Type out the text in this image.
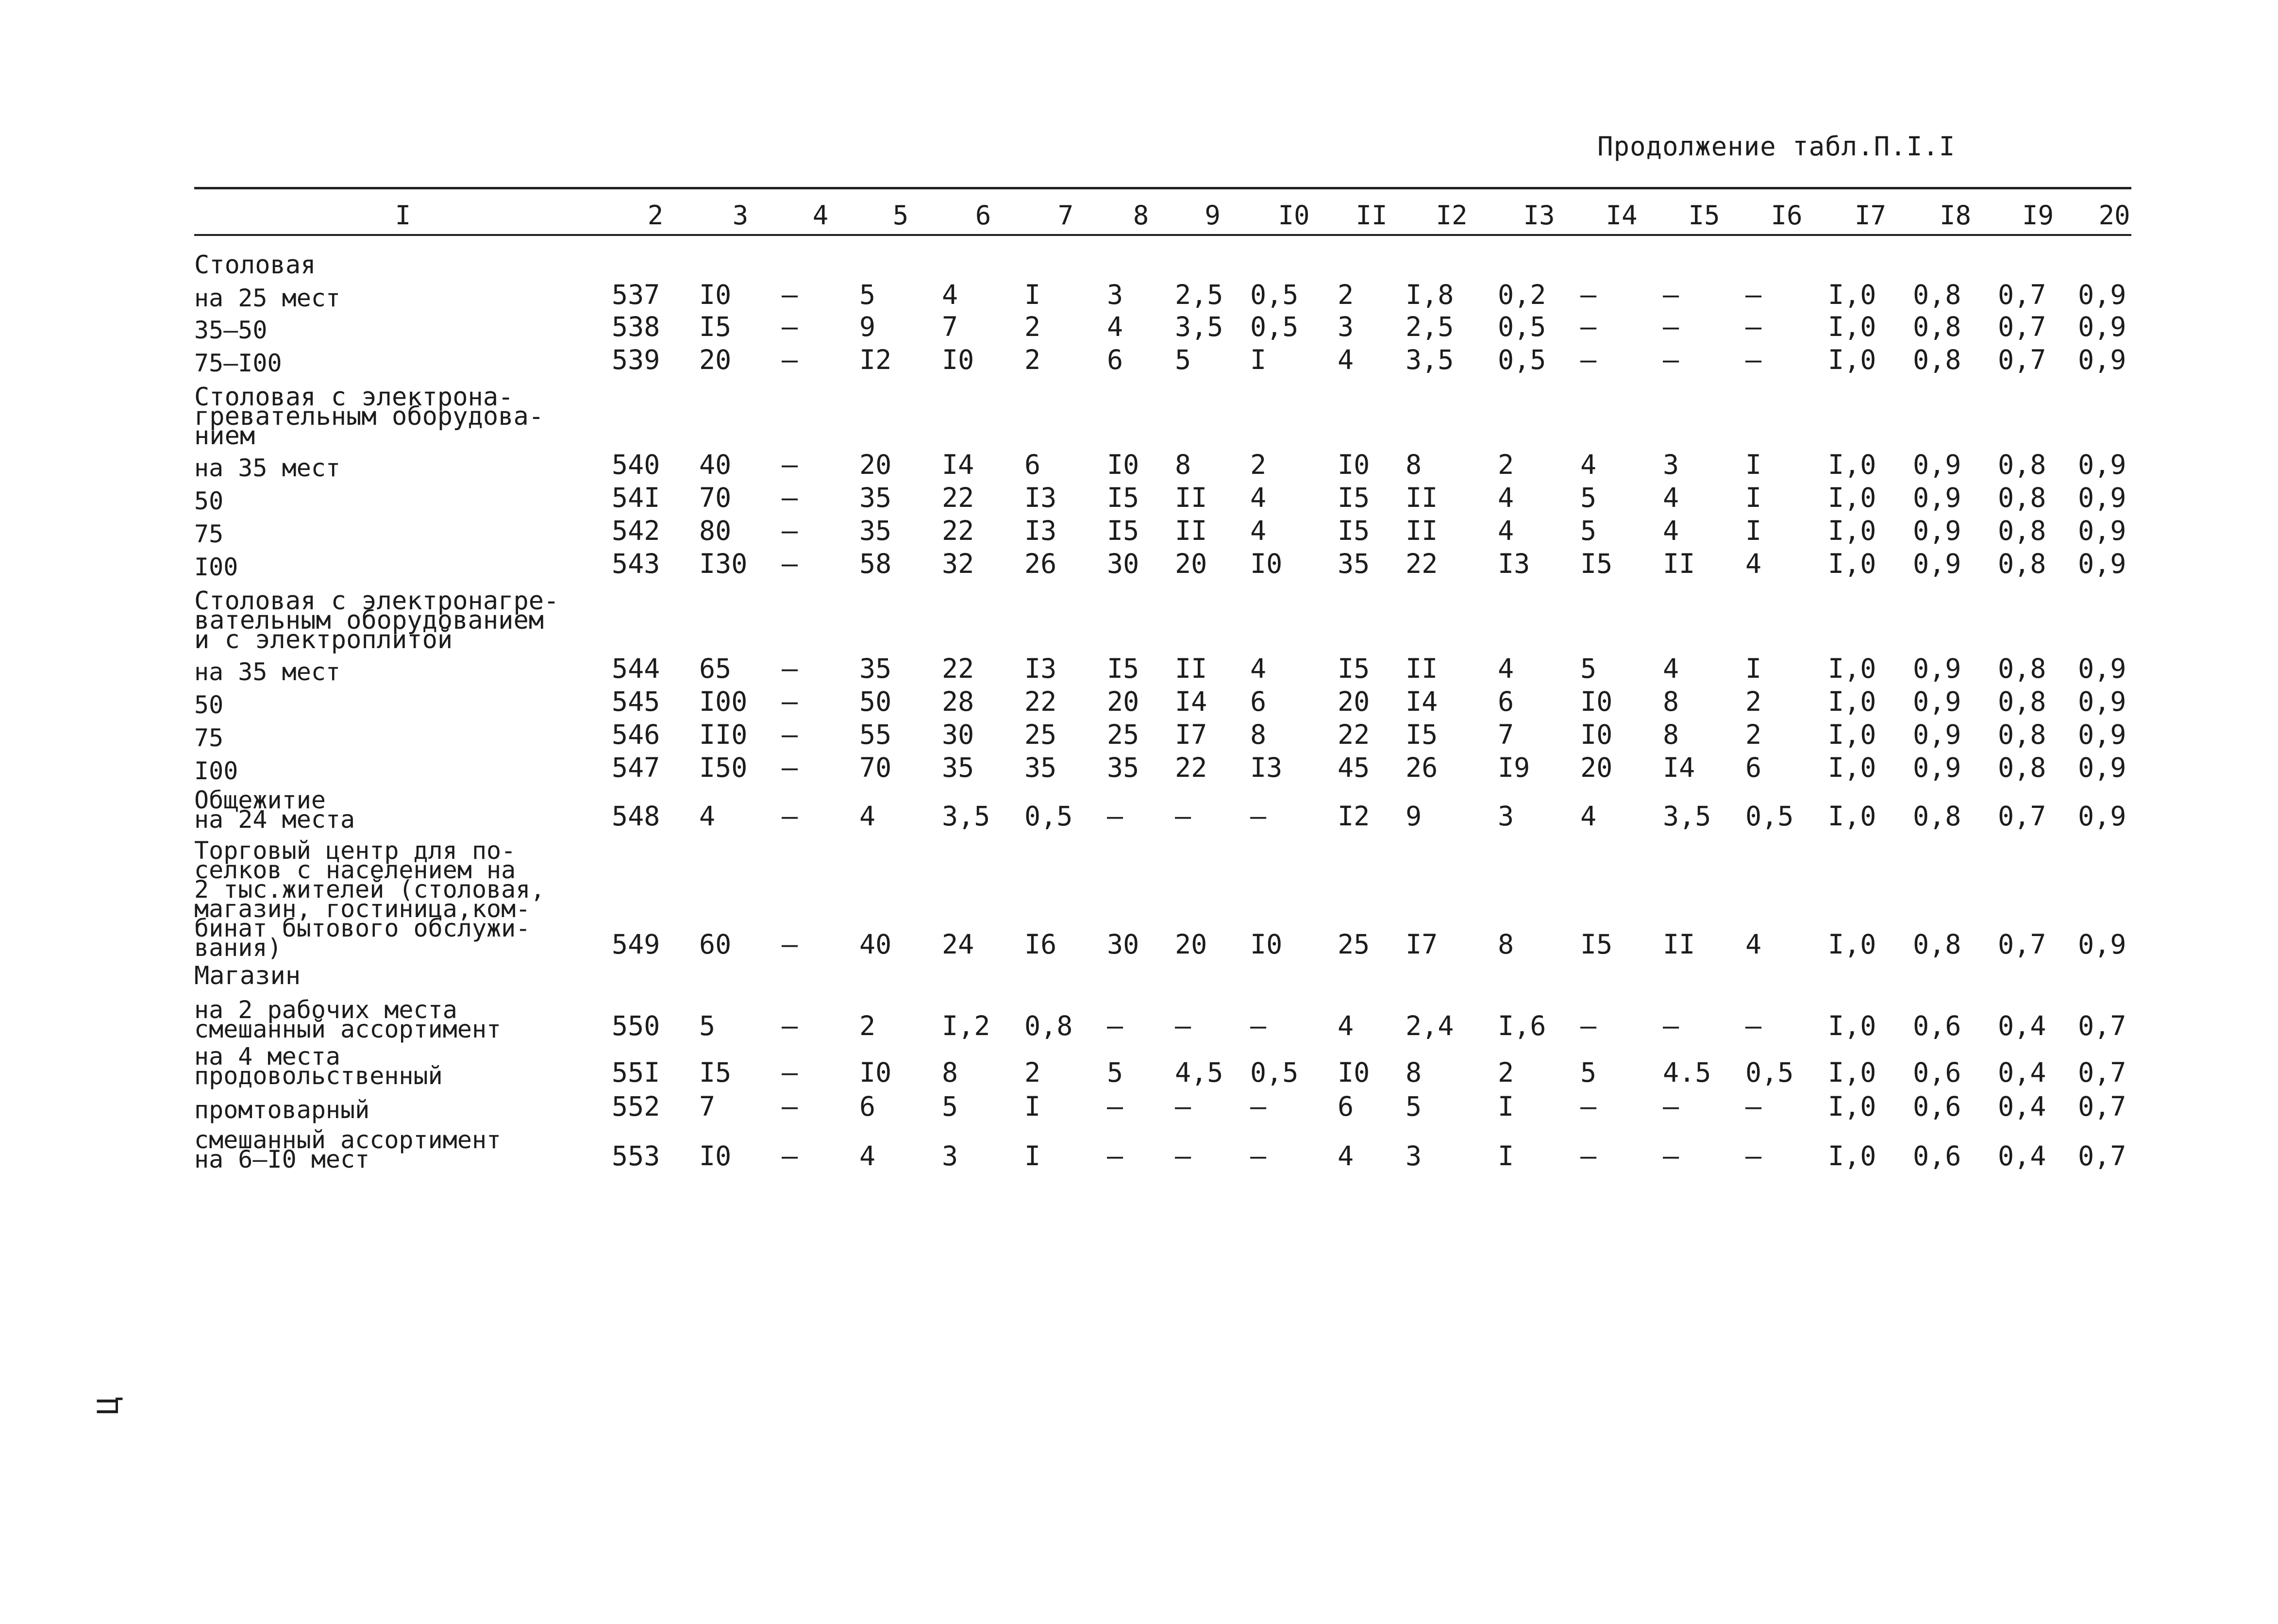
Продолжение табл.П.I.I
I	2	3	4	5	6	7	8	9	I0	II	I2	I3	I4	I5	I6	I7	I8	I9	20
Столовая
на 25 мест	537	I0	–	5	4	I	3	2,5	0,5	2	I,8	0,2	–	–	–	I,0	0,8	0,7	0,9
35–50	538	I5	–	9	7	2	4	3,5	0,5	3	2,5	0,5	–	–	–	I,0	0,8	0,7	0,9
75–I00	539	20	–	I2	I0	2	6	5	I	4	3,5	0,5	–	–	–	I,0	0,8	0,7	0,9
Столовая с электрона-
гревательным оборудова-
нием
на 35 мест	540	40	–	20	I4	6	I0	8	2	I0	8	2	4	3	I	I,0	0,9	0,8	0,9
50	54I	70	–	35	22	I3	I5	II	4	I5	II	4	5	4	I	I,0	0,9	0,8	0,9
75	542	80	–	35	22	I3	I5	II	4	I5	II	4	5	4	I	I,0	0,9	0,8	0,9
I00	543	I30	–	58	32	26	30	20	I0	35	22	I3	I5	II	4	I,0	0,9	0,8	0,9
Столовая с электронагре-
вательным оборудованием
и с электроплитой
на 35 мест	544	65	–	35	22	I3	I5	II	4	I5	II	4	5	4	I	I,0	0,9	0,8	0,9
50	545	I00	–	50	28	22	20	I4	6	20	I4	6	I0	8	2	I,0	0,9	0,8	0,9
75	546	II0	–	55	30	25	25	I7	8	22	I5	7	I0	8	2	I,0	0,9	0,8	0,9
I00	547	I50	–	70	35	35	35	22	I3	45	26	I9	20	I4	6	I,0	0,9	0,8	0,9
Общежитие
на 24 места	548	4	–	4	3,5	0,5	–	–	–	I2	9	3	4	3,5	0,5	I,0	0,8	0,7	0,9
Торговый центр для по-
селков с населением на
2 тыс.жителей (столовая,
магазин, гостиница,ком-
бинат бытового обслужи-
вания)	549	60	–	40	24	I6	30	20	I0	25	I7	8	I5	II	4	I,0	0,8	0,7	0,9
Магазин
на 2 рабочих места
смешанный ассортимент	550	5	–	2	I,2	0,8	–	–	–	4	2,4	I,6	–	–	–	I,0	0,6	0,4	0,7
на 4 места
продовольственный	55I	I5	–	I0	8	2	5	4,5	0,5	I0	8	2	5	4.5	0,5	I,0	0,6	0,4	0,7
промтоварный	552	7	–	6	5	I	–	–	–	6	5	I	–	–	–	I,0	0,6	0,4	0,7
смешанный ассортимент
на 6–I0 мест	553	I0	–	4	3	I	–	–	–	4	3	I	–	–	–	I,0	0,6	0,4	0,7
Ц
